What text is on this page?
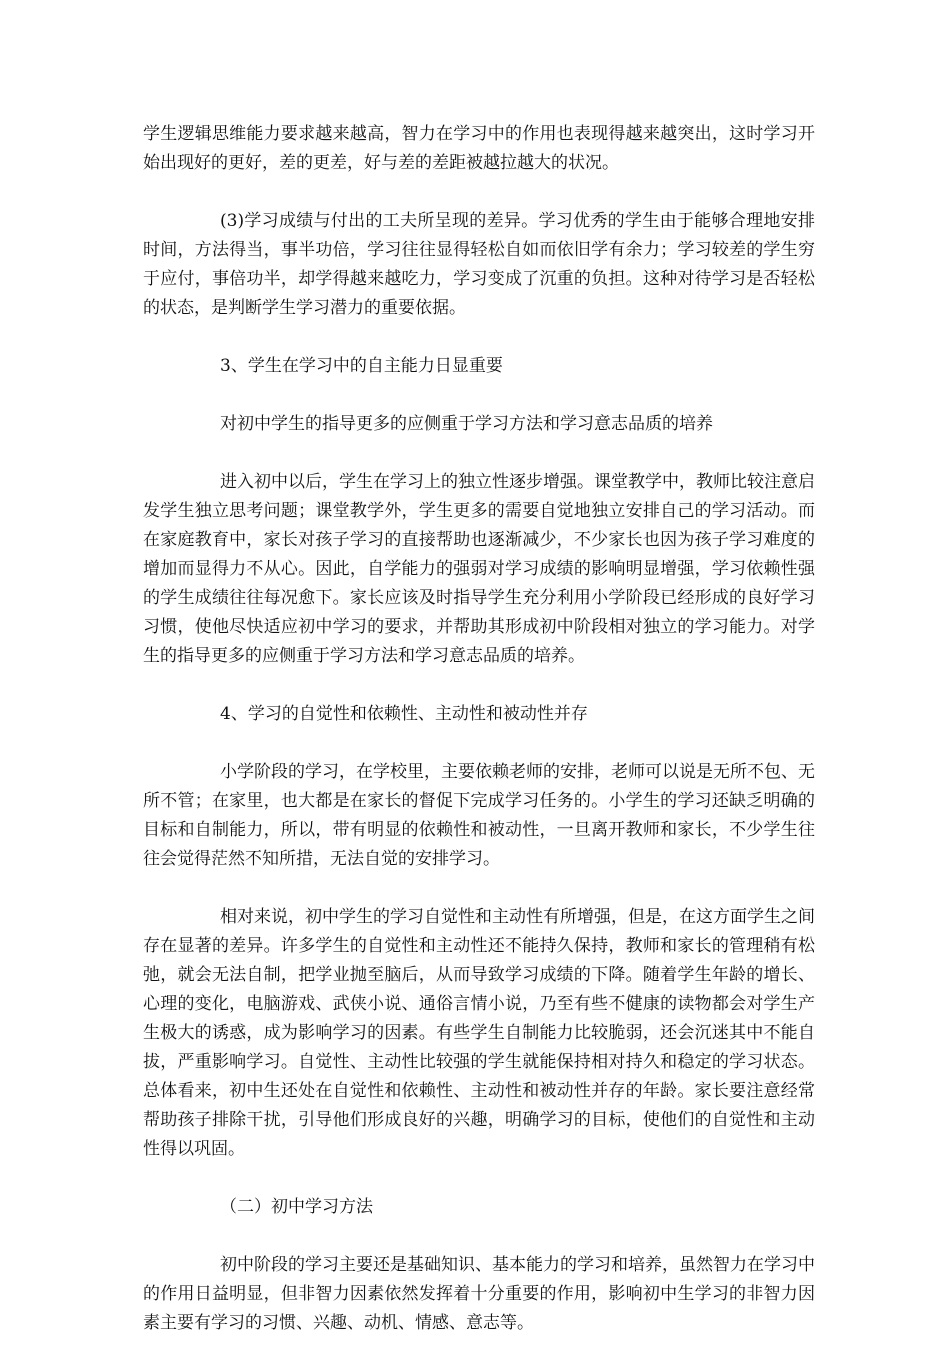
学生逻辑思维能力要求越来越高，智力在学习中的作用也表现得越来越突出，这时学习开始出现好的更好，差的更差，好与差的差距被越拉越大的状况。

(3)学习成绩与付出的工夫所呈现的差异。学习优秀的学生由于能够合理地安排时间，方法得当，事半功倍，学习往往显得轻松自如而依旧学有余力；学习较差的学生穷于应付，事倍功半，却学得越来越吃力，学习变成了沉重的负担。这种对待学习是否轻松的状态，是判断学生学习潜力的重要依据。

3、学生在学习中的自主能力日显重要

对初中学生的指导更多的应侧重于学习方法和学习意志品质的培养

进入初中以后，学生在学习上的独立性逐步增强。课堂教学中，教师比较注意启发学生独立思考问题；课堂教学外，学生更多的需要自觉地独立安排自己的学习活动。而在家庭教育中，家长对孩子学习的直接帮助也逐渐减少，不少家长也因为孩子学习难度的增加而显得力不从心。因此，自学能力的强弱对学习成绩的影响明显增强，学习依赖性强的学生成绩往往每况愈下。家长应该及时指导学生充分利用小学阶段已经形成的良好学习习惯，使他尽快适应初中学习的要求，并帮助其形成初中阶段相对独立的学习能力。对学生的指导更多的应侧重于学习方法和学习意志品质的培养。

4、学习的自觉性和依赖性、主动性和被动性并存

小学阶段的学习，在学校里，主要依赖老师的安排，老师可以说是无所不包、无所不管；在家里，也大都是在家长的督促下完成学习任务的。小学生的学习还缺乏明确的目标和自制能力，所以，带有明显的依赖性和被动性，一旦离开教师和家长，不少学生往往会觉得茫然不知所措，无法自觉的安排学习。

相对来说，初中学生的学习自觉性和主动性有所增强，但是，在这方面学生之间存在显著的差异。许多学生的自觉性和主动性还不能持久保持，教师和家长的管理稍有松弛，就会无法自制，把学业抛至脑后，从而导致学习成绩的下降。随着学生年龄的增长、心理的变化，电脑游戏、武侠小说、通俗言情小说，乃至有些不健康的读物都会对学生产生极大的诱惑，成为影响学习的因素。有些学生自制能力比较脆弱，还会沉迷其中不能自拔，严重影响学习。自觉性、主动性比较强的学生就能保持相对持久和稳定的学习状态。总体看来，初中生还处在自觉性和依赖性、主动性和被动性并存的年龄。家长要注意经常帮助孩子排除干扰，引导他们形成良好的兴趣，明确学习的目标，使他们的自觉性和主动性得以巩固。

（二）初中学习方法

初中阶段的学习主要还是基础知识、基本能力的学习和培养，虽然智力在学习中的作用日益明显，但非智力因素依然发挥着十分重要的作用，影响初中生学习的非智力因素主要有学习的习惯、兴趣、动机、情感、意志等。
